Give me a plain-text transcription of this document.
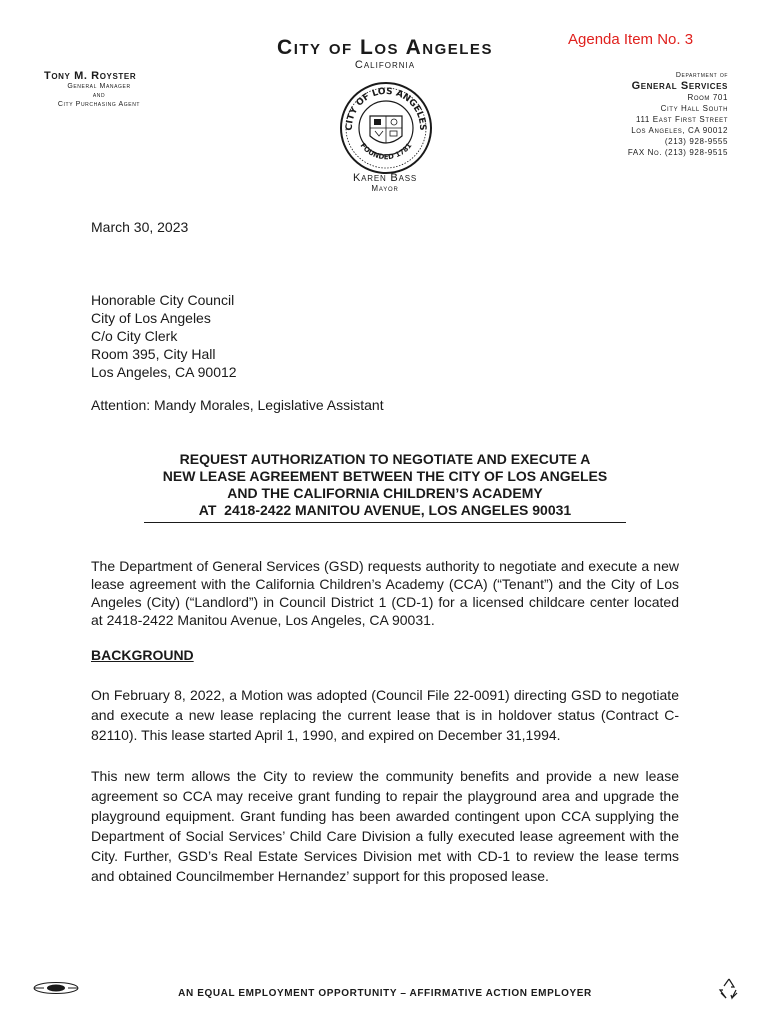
Agenda Item No. 3
City of Los Angeles
California
Tony M. Royster
General Manager
and
City Purchasing Agent
Department of
General Services
Room 701
City Hall South
111 East First Street
Los Angeles, CA 90012
(213) 928-9555
FAX No. (213) 928-9515
CITY OF LOS ANGELES
FOUNDED 1781
Karen Bass
Mayor
March 30, 2023
Honorable City Council
City of Los Angeles
C/o City Clerk
Room 395, City Hall
Los Angeles, CA 90012
Attention: Mandy Morales, Legislative Assistant
REQUEST AUTHORIZATION TO NEGOTIATE AND EXECUTE A
NEW LEASE AGREEMENT BETWEEN THE CITY OF LOS ANGELES
AND THE CALIFORNIA CHILDREN’S ACADEMY
AT  2418-2422 MANITOU AVENUE, LOS ANGELES 90031
The Department of General Services (GSD) requests authority to negotiate and execute a new lease agreement with the California Children’s Academy (CCA) (“Tenant”) and the City of Los Angeles (City) (“Landlord”) in Council District 1 (CD-1) for a licensed childcare center located at 2418-2422 Manitou Avenue, Los Angeles, CA 90031.
BACKGROUND
On February 8, 2022, a Motion was adopted (Council File 22-0091) directing GSD to negotiate and execute a new lease replacing the current lease that is in holdover status (Contract C-82110). This lease started April 1, 1990, and expired on December 31,1994.
This new term allows the City to review the community benefits and provide a new lease agreement so CCA may receive grant funding to repair the playground area and upgrade the playground equipment. Grant funding has been awarded contingent upon CCA supplying the Department of Social Services’ Child Care Division a fully executed lease agreement with the City. Further, GSD’s Real Estate Services Division met with CD-1 to review the lease terms and obtained Councilmember Hernandez’ support for this proposed lease.
AN EQUAL EMPLOYMENT OPPORTUNITY – AFFIRMATIVE ACTION EMPLOYER
